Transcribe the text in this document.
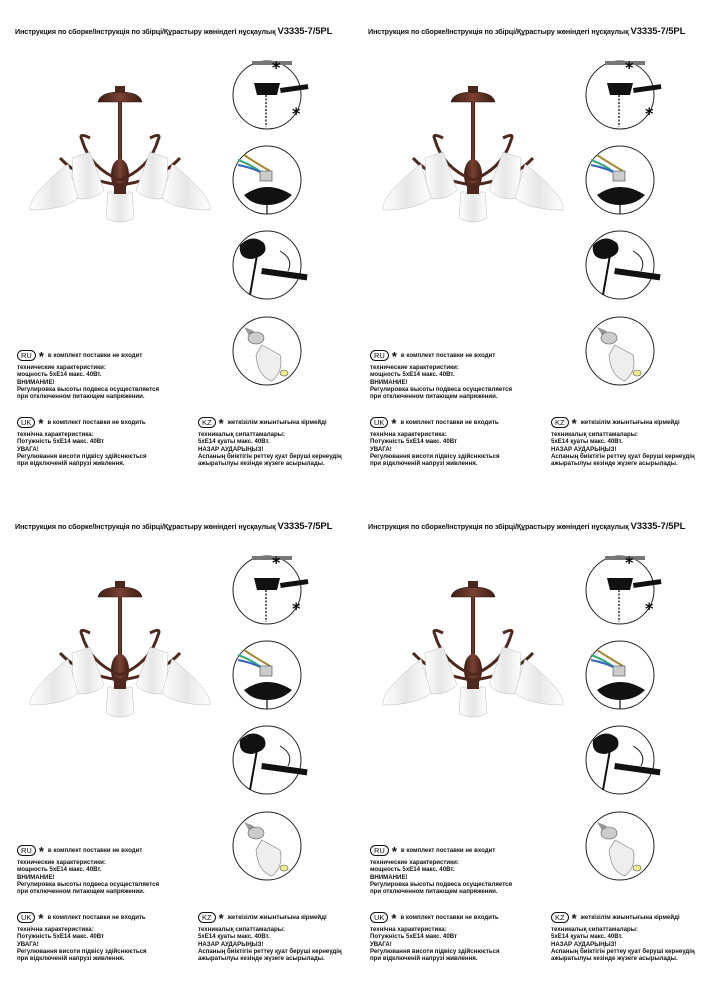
Инструкция по сборке/Інструкція по збірці/Құрастыру жөніндегі нұсқаулық V3335-7/5PL
*
*
RU * в комплект поставки не входит
технические характеристики:
мощность 5хЕ14 макс. 40Вт.
ВНИМАНИЕ!
Регулировка высоты подвеса осуществляется
при отключенном питающем напряжении.
UK * в комплект поставки не входить
технічна характеристика:
Потужність 5хЕ14 макс. 40Вт
УВАГА!
Регулювання висоти підвісу здійснюється
при відключеній напрузі живлення.
KZ * жеткізілім жиынтығына кірмейді
техникалық сипаттамалары:
5хЕ14 қуаты макс. 40Вт.
НАЗАР АУДАРЫҢЫЗ!
Аспаның биіктігін реттеу қуат беруші кернеудің
ажыратылуы кезінде жүзеге асырылады.
Инструкция по сборке/Інструкція по збірці/Құрастыру жөніндегі нұсқаулық V3335-7/5PL
*
*
RU * в комплект поставки не входит
технические характеристики:
мощность 5хЕ14 макс. 40Вт.
ВНИМАНИЕ!
Регулировка высоты подвеса осуществляется
при отключенном питающем напряжении.
UK * в комплект поставки не входить
технічна характеристика:
Потужність 5хЕ14 макс. 40Вт
УВАГА!
Регулювання висоти підвісу здійснюється
при відключеній напрузі живлення.
KZ * жеткізілім жиынтығына кірмейді
техникалық сипаттамалары:
5хЕ14 қуаты макс. 40Вт.
НАЗАР АУДАРЫҢЫЗ!
Аспаның биіктігін реттеу қуат беруші кернеудің
ажыратылуы кезінде жүзеге асырылады.
Инструкция по сборке/Інструкція по збірці/Құрастыру жөніндегі нұсқаулық V3335-7/5PL
*
*
RU * в комплект поставки не входит
технические характеристики:
мощность 5хЕ14 макс. 40Вт.
ВНИМАНИЕ!
Регулировка высоты подвеса осуществляется
при отключенном питающем напряжении.
UK * в комплект поставки не входить
технічна характеристика:
Потужність 5хЕ14 макс. 40Вт
УВАГА!
Регулювання висоти підвісу здійснюється
при відключеній напрузі живлення.
KZ * жеткізілім жиынтығына кірмейді
техникалық сипаттамалары:
5хЕ14 қуаты макс. 40Вт.
НАЗАР АУДАРЫҢЫЗ!
Аспаның биіктігін реттеу қуат беруші кернеудің
ажыратылуы кезінде жүзеге асырылады.
Инструкция по сборке/Інструкція по збірці/Құрастыру жөніндегі нұсқаулық V3335-7/5PL
*
*
RU * в комплект поставки не входит
технические характеристики:
мощность 5хЕ14 макс. 40Вт.
ВНИМАНИЕ!
Регулировка высоты подвеса осуществляется
при отключенном питающем напряжении.
UK * в комплект поставки не входить
технічна характеристика:
Потужність 5хЕ14 макс. 40Вт
УВАГА!
Регулювання висоти підвісу здійснюється
при відключеній напрузі живлення.
KZ * жеткізілім жиынтығына кірмейді
техникалық сипаттамалары:
5хЕ14 қуаты макс. 40Вт.
НАЗАР АУДАРЫҢЫЗ!
Аспаның биіктігін реттеу қуат беруші кернеудің
ажыратылуы кезінде жүзеге асырылады.
